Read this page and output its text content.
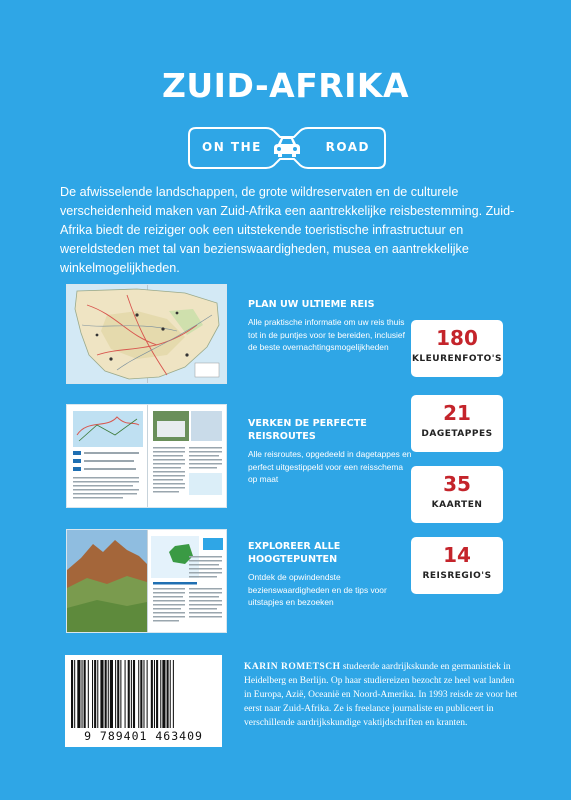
ZUID-AFRIKA
ON THE	ROAD

De afwisselende landschappen, de grote wildreservaten en de culturele verscheidenheid maken van Zuid-Afrika een aantrekkelijke reisbestemming. Zuid-Afrika biedt de reiziger ook een uitstekende toeristische infrastructuur en wereldsteden met tal van bezienswaardigheden, musea en aantrekkelijke winkelmogelijkheden.

PLAN UW ULTIEME REIS

Alle praktische informatie om uw reis thuis tot in de puntjes voor te bereiden, inclusief de beste overnachtingsmogelijkheden

VERKEN DE PERFECTE REISROUTES

Alle reisroutes, opgedeeld in dagetappes en perfect uitgestippeld voor een reisschema op maat

EXPLOREER ALLE HOOGTEPUNTEN

Ontdek de opwindendste bezienswaardigheden en de tips voor uitstapjes en bezoeken

180
KLEURENFOTO'S
21
DAGETAPPES
35
KAARTEN
14
REISREGIO'S
9 789401 463409

KARIN ROMETSCH studeerde aardrijkskunde en germanistiek in Heidelberg en Berlijn. Op haar studiereizen bezocht ze heel wat landen in Europa, Azië, Oceanië en Noord-Amerika. In 1993 reisde ze voor het eerst naar Zuid-Afrika. Ze is freelance journaliste en publiceert in verschillende aardrijkskundige vaktijdschriften en kranten.
